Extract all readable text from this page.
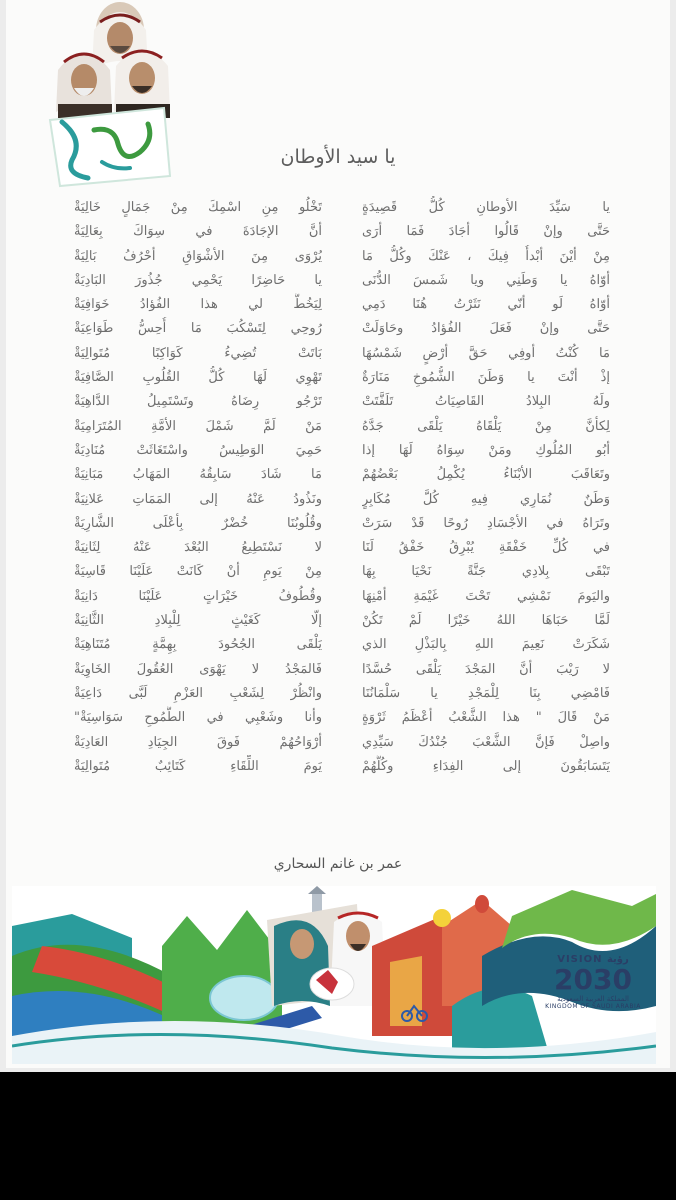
يا سيد الأوطان
يا سَيِّدَ الأوطانِ كُلُّ قَصِيدَةٍ
حَتَّى وإنْ قَالُوا أجَادَ فَمَا أرَى
مِنْ أيْنَ أبْدأُ فِيكَ ، عَنْكَ وكُلُّ مَا
أوّاهُ يا وَطَنِي ويا شَمسَ الدُّنَى
أوّاهُ لَو أنّي نَثَرْتُ هُنَا دَمِي
حَتَّى وإنْ فَعَلَ الفُؤادُ وحَاوَلَتْ
مَا كُنْتُ أوفِي حَقَّ أرْضٍ شَمْسُهَا
إذْ أنْتَ يا وَطَنَ الشُّمُوخِ مَنَارَةٌ
ولَهُ البِلادُ القَاصِيَاتُ تَلَفَّتَتْ
لِكأنَّ مِنْ يَلْقَاهُ يَلْقَى جَدَّهُ
أبُو المُلُوكِ ومَنْ سِوَاهُ لَهَا إذا
وتَعَاقَبَ الأبْنَاءُ يُكْمِلُ بَعْضُهُمْ
وَطَنٌ نُمَارِي فِيهِ كُلَّ مُكَابِرٍ
وتَرَاهُ في الأجْسَادِ رُوحًا قَدْ سَرَتْ
في كُلِّ خَفْقَةِ يُبْرِقُ خَفْقُ لَنَا
تَبْقَى بِلادِي جَنَّةً نَحْيَا بِهَا
واليَومَ نَمْشِي تَحْتَ غَيْمَةِ أمْنِهَا
لَمَّا حَبَاهَا اللهُ خَيْرًا لَمْ تَكُنْ
شَكَرَتْ نَعِيمَ اللهِ بِالبَذْلِ الذي
لا رَيْبَ أنَّ المَجْدَ يَلْقَى حُسَّدًا
فَامْضِي بِنَا لِلْمَجْدِ يا سَلْمَانُنَا
مَنْ قَالَ " هذا الشَّعْبُ أعْظَمُ ثَرْوَةٍ
واصِلْ فَإنَّ الشَّعْبَ جُنْدُكَ سَيِّدِي
يَتَسَابَقُونَ إلى الفِدَاءِ وكُلُّهُمْ
تَخْلُو مِنِ اسْمِكَ مِنْ جَمَالٍ خَالِيَةْ
أنَّ الإجَادَةَ في سِوَاكَ بِعَالِيَةْ
يُرْوَى مِنَ الأشْوَاقِ أحْرُفُ بَالِيَةْ
يا حَاضِرًا يَحْمِي جُذُورَ البَادِيَةْ
لِيَخُطَّ لي هذا الفُؤادُ خَوَافِيَةْ
رُوحِي لِتَسْكُبَ مَا أُحِسُّ طَوَاعِيَةْ
بَاتَتْ تُضِيءُ كَوَاكِبًا مُتَوالِيَةْ
تَهْوِي لَهَا كُلُّ القُلُوبِ الصَّافِيَةْ
تَرْجُو رِضَاهُ وتَسْتَمِيلُ الدَّاهِيَةْ
مَنْ لَمَّ شَمْلَ الأمَّةِ المُتَرَامِيَةْ
حَمِيَ الوَطِيسُ واسْتَغَاثَتْ مُنَادِيَةْ
مَا شَادَ سَابِقُهُ المَهَابُ مَبَانِيَةْ
ونَذُودُ عَنْهُ إلى المَمَاتِ عَلانِيَةْ
وقُلُوبُنَا خُضْرٌ بِأعْلَى الشَّارِيَةْ
لا نَسْتَطِيعُ البُعْدَ عَنْهُ لِثَانِيَةْ
مِنْ يَومِ أنْ كَانَتْ عَلَيْنَا قَاسِيَةْ
وقُطُوفُ خَيْرَاتٍ عَلَيْنَا دَانِيَةْ
إلّا كَغَيْثٍ لِلْبِلادِ الثَّانِيَةْ
يَلْقَى الجُحُودَ بِهِمَّةٍ مُتَنَاهِيَةْ
فَالمَجْدُ لا يَهْوَى العُقُولَ الخَاوِيَةْ
وانْظُرْ لِشَعْبِ العَزْمِ لَبَّى دَاعِيَةْ
وأنا وشَعْبِي في الطُّمُوحِ سَوَاسِيَةْ"
أرْوَاحُهُمْ فَوقَ الجِيَادِ العَادِيَةْ
يَومَ اللِّقَاءِ كَتَائِبٌ مُتَوالِيَةْ
عمر بن غانم السحاري
VISION رؤية
2030
المملكة العربية السعودية
KINGDOM OF SAUDI ARABIA
